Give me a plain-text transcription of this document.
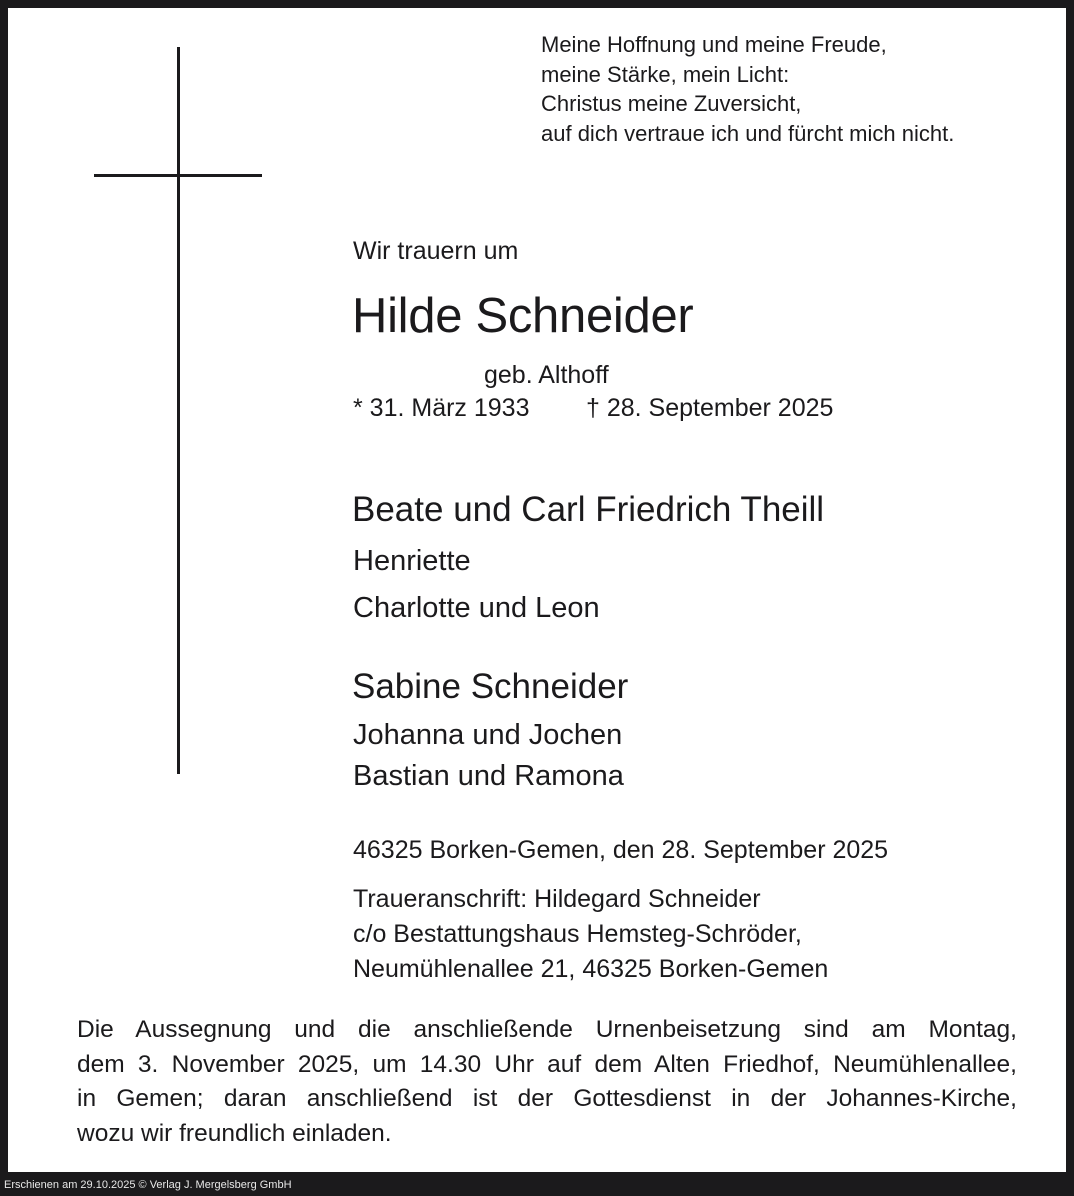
Meine Hoffnung und meine Freude,
meine Stärke, mein Licht:
Christus meine Zuversicht,
auf dich vertraue ich und fürcht mich nicht.
Wir trauern um
Hilde Schneider
geb. Althoff
* 31. März 1933 † 28. September 2025
Beate und Carl Friedrich Theill
Henriette
Charlotte und Leon
Sabine Schneider
Johanna und Jochen
Bastian und Ramona
46325 Borken-Gemen, den 28. September 2025
Traueranschrift: Hildegard Schneider
c/o Bestattungshaus Hemsteg-Schröder,
Neumühlenallee 21, 46325 Borken-Gemen
Die Aussegnung und die anschließende Urnenbeisetzung sind am Montag,
dem 3. November 2025, um 14.30 Uhr auf dem Alten Friedhof, Neumühlenallee,
in Gemen; daran anschließend ist der Gottesdienst in der Johannes-Kirche,
wozu wir freundlich einladen.
Erschienen am 29.10.2025 © Verlag J. Mergelsberg GmbH
